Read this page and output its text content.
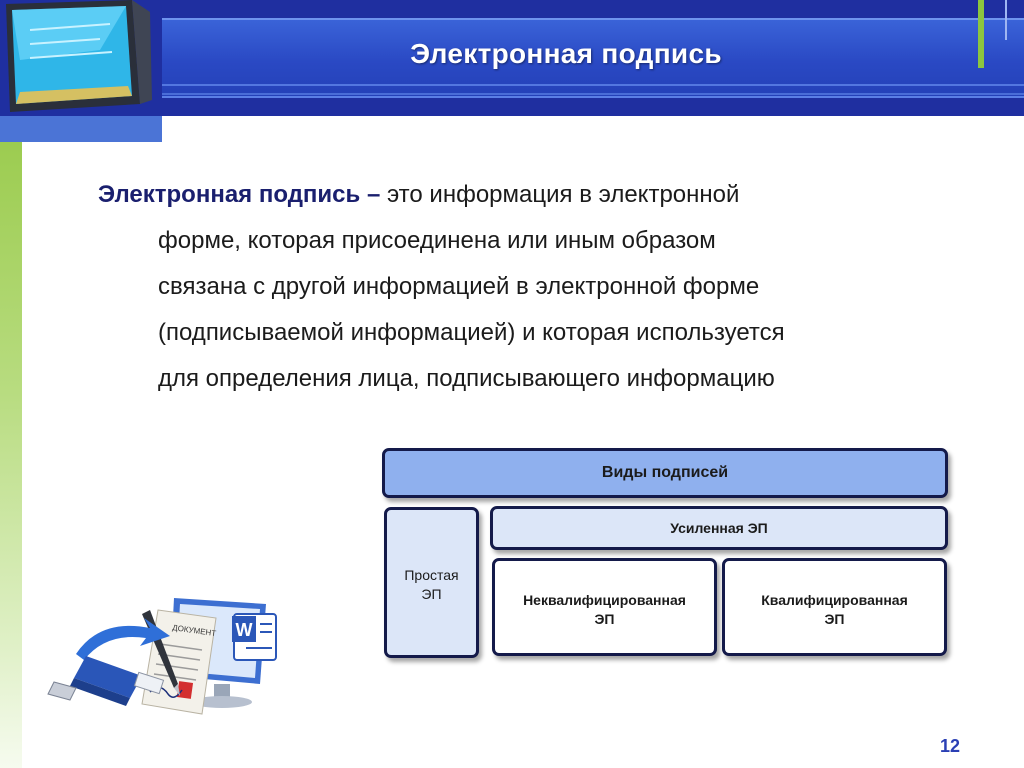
Электронная подпись
Электронная подпись – это информация в электронной
форме, которая присоединена или иным образом
связана с другой информацией в электронной форме
(подписываемой информацией) и которая используется
для определения лица, подписывающего информацию
Виды подписей
Простая
ЭП
Усиленная ЭП
Неквалифицированная
ЭП
Квалифицированная
ЭП
W
ДОКУМЕНТ
12
